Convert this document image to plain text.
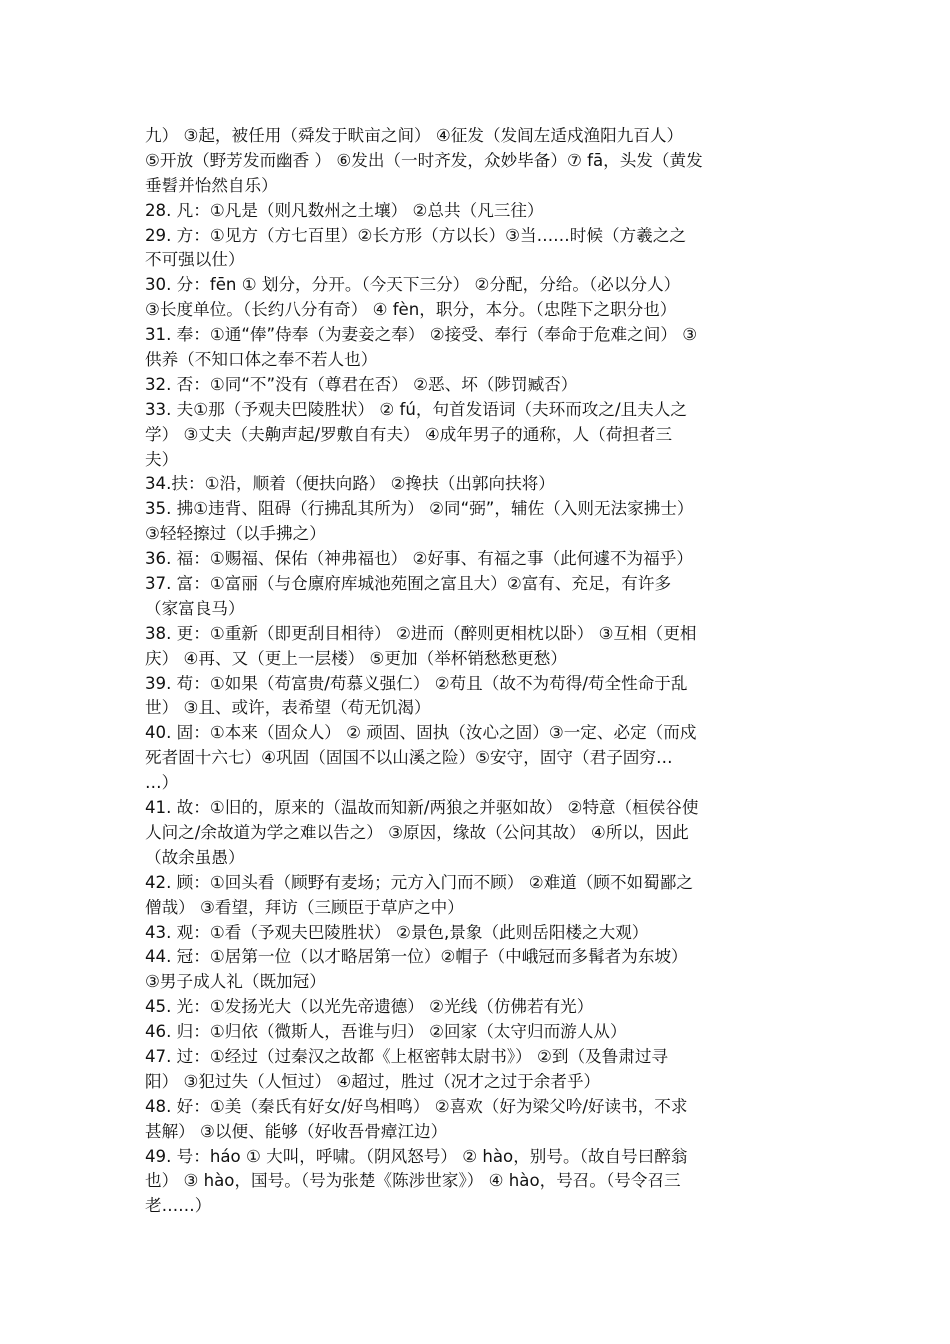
九） ③起，被任用（舜发于畎亩之间） ④征发（发闾左适戍渔阳九百人）
⑤开放（野芳发而幽香 ） ⑥发出（一时齐发，众妙毕备）⑦ fā，头发（黄发
垂髫并怡然自乐）
28. 凡：①凡是（则凡数州之土壤） ②总共（凡三往）
29. 方：①见方（方七百里）②长方形（方以长）③当……时候（方羲之之
不可强以仕）
30. 分：fēn ① 划分，分开。（今天下三分） ②分配，分给。（必以分人）
③长度单位。（长约八分有奇） ④ fèn，职分，本分。（忠陛下之职分也）
31. 奉：①通“俸”侍奉（为妻妾之奉） ②接受、奉行（奉命于危难之间） ③
供养（不知口体之奉不若人也）
32. 否：①同“不”没有（尊君在否） ②恶、坏（陟罚臧否）
33. 夫①那（予观夫巴陵胜状） ② fú，句首发语词（夫环而攻之/且夫人之
学） ③丈夫（夫齁声起/罗敷自有夫） ④成年男子的通称，人（荷担者三
夫）
34.扶：①沿，顺着（便扶向路） ②搀扶（出郭向扶将）
35. 拂①违背、阻碍（行拂乱其所为） ②同“弼”，辅佐（入则无法家拂士）
③轻轻擦过（以手拂之）
36. 福：①赐福、保佑（神弗福也） ②好事、有福之事（此何遽不为福乎）
37. 富：①富丽（与仓廪府库城池苑囿之富且大）②富有、充足，有许多
（家富良马）
38. 更：①重新（即更刮目相待） ②进而（醉则更相枕以卧） ③互相（更相
庆） ④再、又（更上一层楼） ⑤更加（举杯销愁愁更愁）
39. 苟：①如果（苟富贵/苟慕义强仁） ②苟且（故不为苟得/苟全性命于乱
世） ③且、或许，表希望（苟无饥渴）
40. 固：①本来（固众人） ② 顽固、固执（汝心之固）③一定、必定（而戍
死者固十六七）④巩固（固国不以山溪之险）⑤安守，固守（君子固穷…
…）
41. 故：①旧的，原来的（温故而知新/两狼之并驱如故） ②特意（桓侯谷使
人问之/余故道为学之难以告之） ③原因，缘故（公问其故） ④所以，因此
（故余虽愚）
42. 顾：①回头看（顾野有麦场；元方入门而不顾） ②难道（顾不如蜀鄙之
僧哉） ③看望，拜访（三顾臣于草庐之中）
43. 观：①看（予观夫巴陵胜状） ②景色,景象（此则岳阳楼之大观）
44. 冠：①居第一位（以才略居第一位）②帽子（中峨冠而多髯者为东坡）
③男子成人礼（既加冠）
45. 光：①发扬光大（以光先帝遗德） ②光线（仿佛若有光）
46. 归：①归依（微斯人，吾谁与归） ②回家（太守归而游人从）
47. 过：①经过（过秦汉之故都《上枢密韩太尉书》） ②到（及鲁肃过寻
阳） ③犯过失（人恒过） ④超过，胜过（况才之过于余者乎）
48. 好：①美（秦氏有好女/好鸟相鸣） ②喜欢（好为梁父吟/好读书，不求
甚解） ③以便、能够（好收吾骨瘴江边）
49. 号：háo ① 大叫，呼啸。（阴风怒号） ② hào，别号。（故自号曰醉翁
也） ③ hào，国号。（号为张楚《陈涉世家》） ④ hào，号召。（号令召三
老……）
